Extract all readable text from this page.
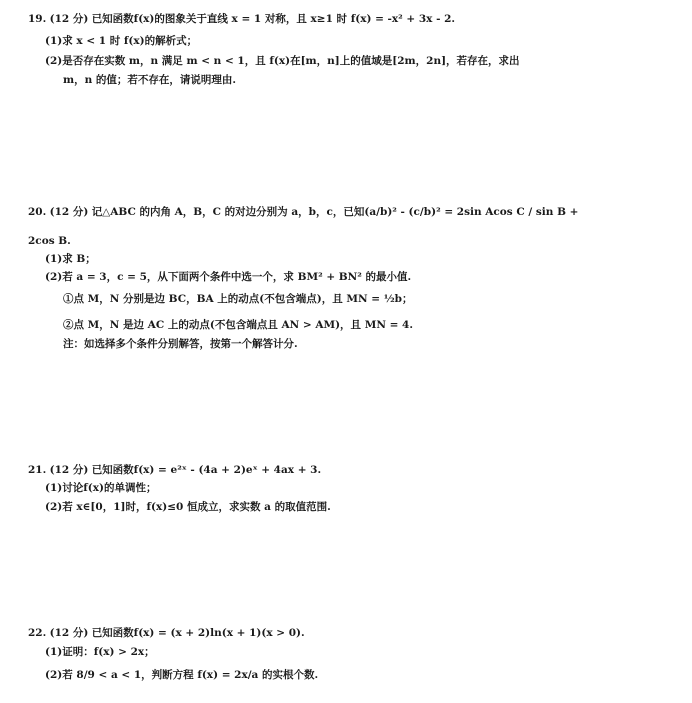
19. (12 分) 已知函数f(x)的图象关于直线 x = 1 对称，且 x≥1 时 f(x) = -x² + 3x - 2.
(1)求 x < 1 时 f(x)的解析式；
(2)是否存在实数 m，n 满足 m < n < 1，且 f(x)在[m，n]上的值域是[2m，2n]，若存在，求出
m，n 的值；若不存在，请说明理由.
20. (12 分) 记△ABC 的内角 A，B，C 的对边分别为 a，b，c，已知(a/b)² - (c/b)² = 2sin Acos C / sin B +
2cos B.
(1)求 B；
(2)若 a = 3，c = 5，从下面两个条件中选一个，求 BM² + BN² 的最小值.
①点 M，N 分别是边 BC，BA 上的动点(不包含端点)，且 MN = ½b；
②点 M，N 是边 AC 上的动点(不包含端点且 AN > AM)，且 MN = 4.
注：如选择多个条件分别解答，按第一个解答计分.
21. (12 分) 已知函数f(x) = e²ˣ - (4a + 2)eˣ + 4ax + 3.
(1)讨论f(x)的单调性；
(2)若 x∈[0，1]时，f(x)≤0 恒成立，求实数 a 的取值范围.
22. (12 分) 已知函数f(x) = (x + 2)ln(x + 1)(x > 0).
(1)证明：f(x) > 2x；
(2)若 8/9 < a < 1，判断方程 f(x) = 2x/a 的实根个数.
